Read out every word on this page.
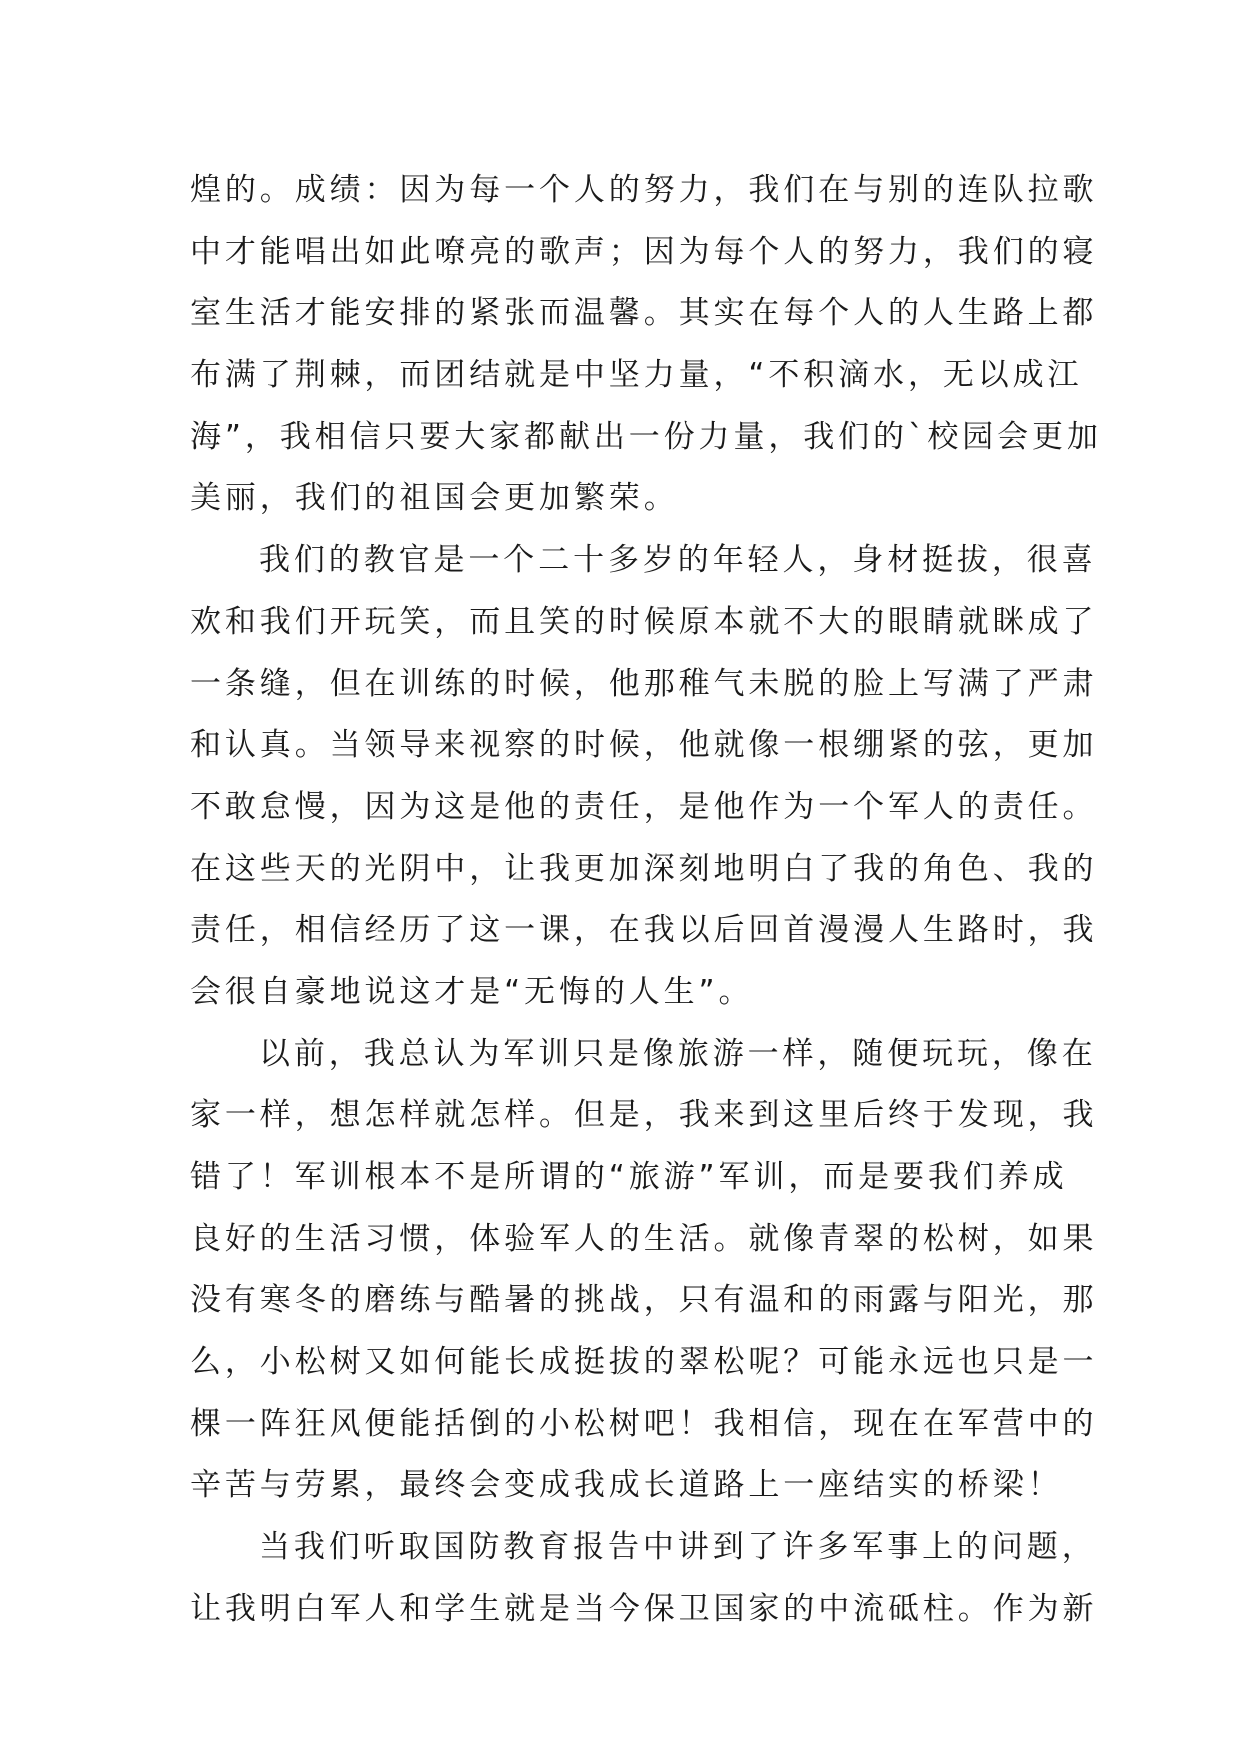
煌的。成绩：因为每一个人的努力，我们在与别的连队拉歌
中才能唱出如此嘹亮的歌声；因为每个人的努力，我们的寝
室生活才能安排的紧张而温馨。其实在每个人的人生路上都
布满了荆棘，而团结就是中坚力量，“不积滴水，无以成江
海”，我相信只要大家都献出一份力量，我们的`校园会更加
美丽，我们的祖国会更加繁荣。
我们的教官是一个二十多岁的年轻人，身材挺拔，很喜
欢和我们开玩笑，而且笑的时候原本就不大的眼睛就眯成了
一条缝，但在训练的时候，他那稚气未脱的脸上写满了严肃
和认真。当领导来视察的时候，他就像一根绷紧的弦，更加
不敢怠慢，因为这是他的责任，是他作为一个军人的责任。
在这些天的光阴中，让我更加深刻地明白了我的角色、我的
责任，相信经历了这一课，在我以后回首漫漫人生路时，我
会很自豪地说这才是“无悔的人生”。
以前，我总认为军训只是像旅游一样，随便玩玩，像在
家一样，想怎样就怎样。但是，我来到这里后终于发现，我
错了！军训根本不是所谓的“旅游”军训，而是要我们养成
良好的生活习惯，体验军人的生活。就像青翠的松树，如果
没有寒冬的磨练与酷暑的挑战，只有温和的雨露与阳光，那
么，小松树又如何能长成挺拔的翠松呢？可能永远也只是一
棵一阵狂风便能括倒的小松树吧！我相信，现在在军营中的
辛苦与劳累，最终会变成我成长道路上一座结实的桥梁！
当我们听取国防教育报告中讲到了许多军事上的问题，
让我明白军人和学生就是当今保卫国家的中流砥柱。作为新
